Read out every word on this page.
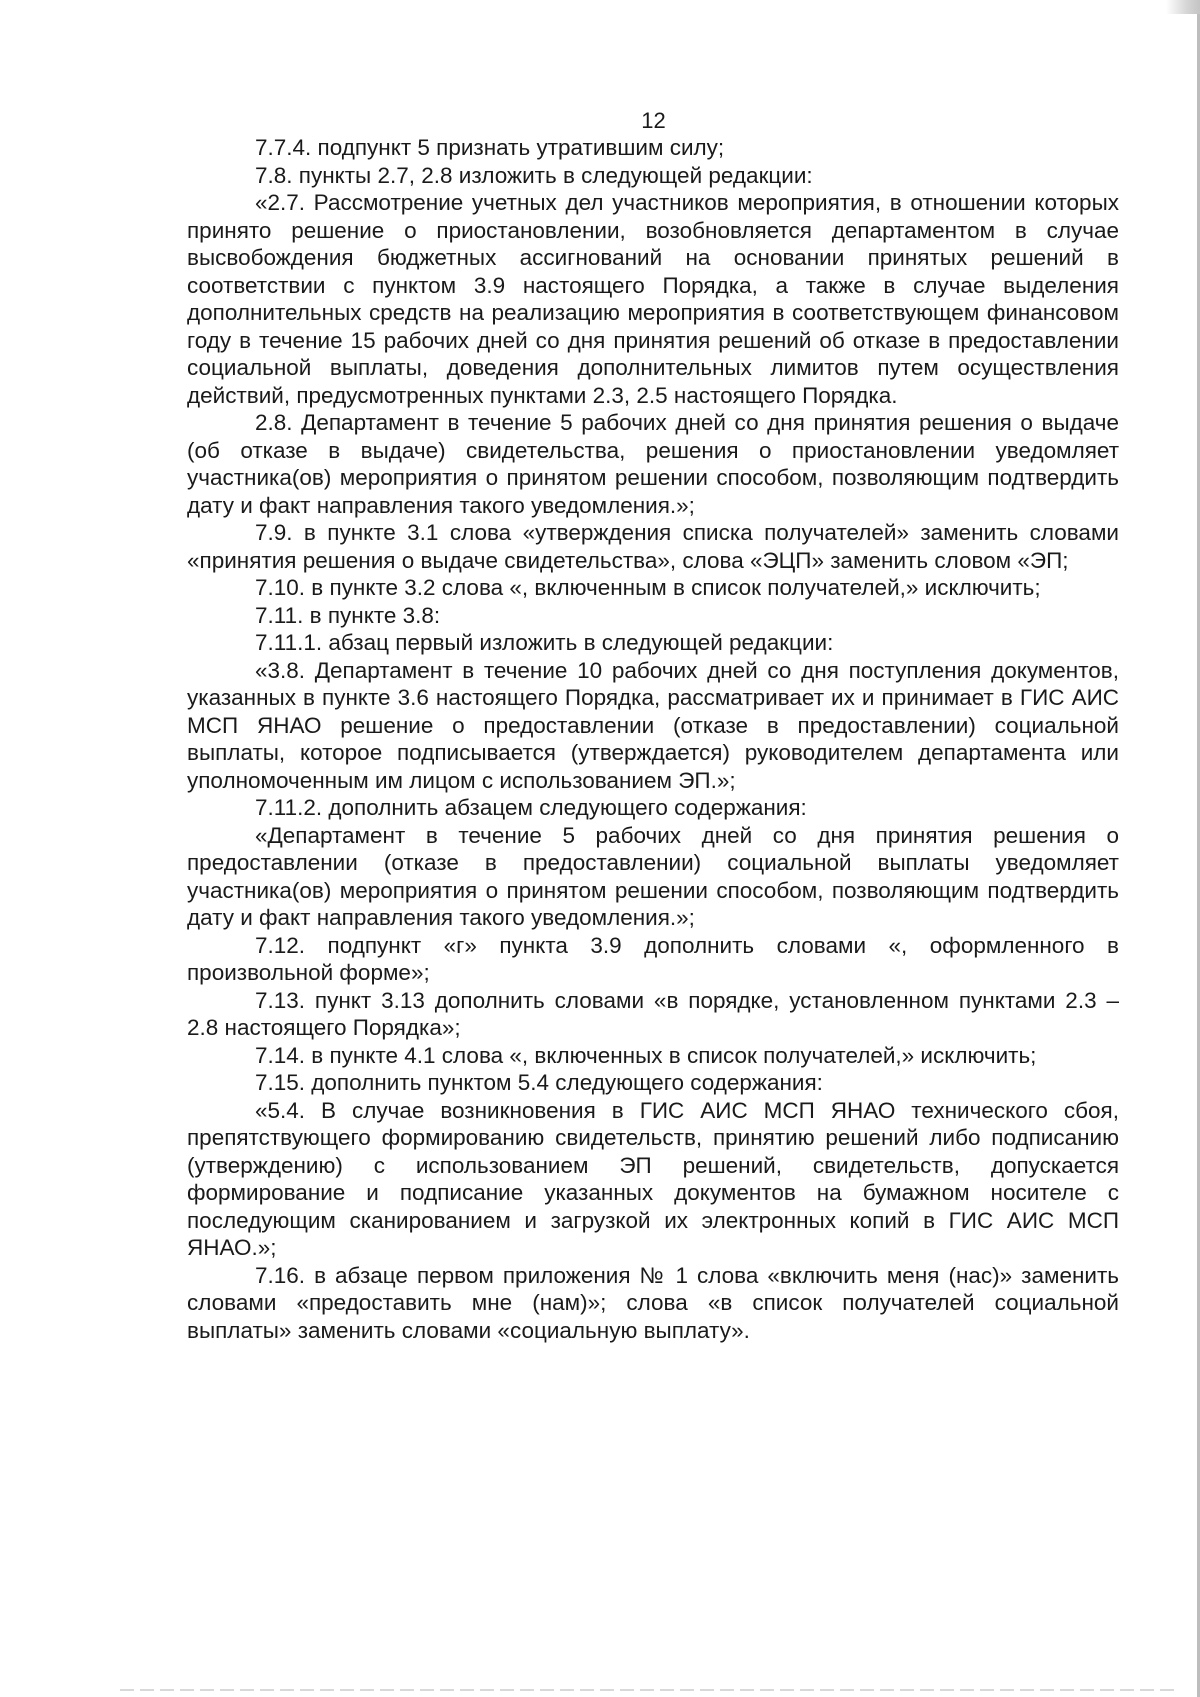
12

7.7.4. подпункт 5 признать утратившим силу;

7.8. пункты 2.7, 2.8 изложить в следующей редакции:

«2.7. Рассмотрение учетных дел участников мероприятия, в отношении которых принято решение о приостановлении, возобновляется департаментом в случае высвобождения бюджетных ассигнований на основании принятых решений в соответствии с пунктом 3.9 настоящего Порядка, а также в случае выделения дополнительных средств на реализацию мероприятия в соответствующем финансовом году в течение 15 рабочих дней со дня принятия решений об отказе в предоставлении социальной выплаты, доведения дополнительных лимитов путем осуществления действий, предусмотренных пунктами 2.3, 2.5 настоящего Порядка.

2.8. Департамент в течение 5 рабочих дней со дня принятия решения о выдаче (об отказе в выдаче) свидетельства, решения о приостановлении уведомляет участника(ов) мероприятия о принятом решении способом, позволяющим подтвердить дату и факт направления такого уведомления.»;

7.9. в пункте 3.1 слова «утверждения списка получателей» заменить словами «принятия решения о выдаче свидетельства», слова «ЭЦП» заменить словом «ЭП;

7.10. в пункте 3.2 слова «, включенным в список получателей,» исключить;

7.11. в пункте 3.8:

7.11.1. абзац первый изложить в следующей редакции:

«3.8. Департамент в течение 10 рабочих дней со дня поступления документов, указанных в пункте 3.6 настоящего Порядка, рассматривает их и принимает в ГИС АИС МСП ЯНАО решение о предоставлении (отказе в предоставлении) социальной выплаты, которое подписывается (утверждается) руководителем департамента или уполномоченным им лицом с использованием ЭП.»;

7.11.2. дополнить абзацем следующего содержания:

«Департамент в течение 5 рабочих дней со дня принятия решения о предоставлении (отказе в предоставлении) социальной выплаты уведомляет участника(ов) мероприятия о принятом решении способом, позволяющим подтвердить дату и факт направления такого уведомления.»;

7.12. подпункт «г» пункта 3.9 дополнить словами «, оформленного в произвольной форме»;

7.13. пункт 3.13 дополнить словами «в порядке, установленном пунктами 2.3 – 2.8 настоящего Порядка»;

7.14. в пункте 4.1 слова «, включенных в список получателей,» исключить;

7.15. дополнить пунктом 5.4 следующего содержания:

«5.4. В случае возникновения в ГИС АИС МСП ЯНАО технического сбоя, препятствующего формированию свидетельств, принятию решений либо подписанию (утверждению) с использованием ЭП решений, свидетельств, допускается формирование и подписание указанных документов на бумажном носителе с последующим сканированием и загрузкой их электронных копий в ГИС АИС МСП ЯНАО.»;

7.16. в абзаце первом приложения № 1 слова «включить меня (нас)» заменить словами «предоставить мне (нам)»; слова «в список получателей социальной выплаты» заменить словами «социальную выплату».
